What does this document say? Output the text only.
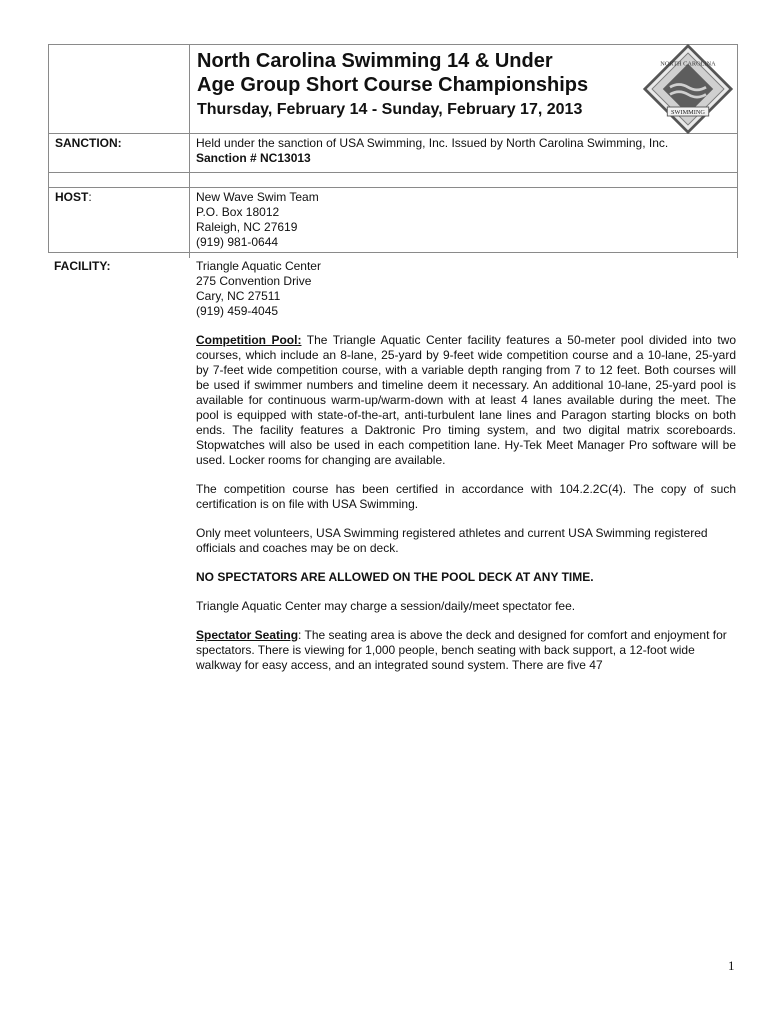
	North Carolina Swimming 14 & Under
Age Group Short Course Championships
Thursday, February 14 - Sunday, February 17, 2013

SANCTION:	Held under the sanction of USA Swimming, Inc. Issued by North Carolina Swimming, Inc.
Sanction # NC13013

HOST:	New Wave Swim Team
P.O. Box 18012
Raleigh, NC 27619
(919) 981-0644
NORTH CAROLINA
SWIMMING
FACILITY:	Triangle Aquatic Center
275 Convention Drive
Cary, NC 27511
(919) 459-4045

Competition Pool: The Triangle Aquatic Center facility features a 50-meter pool divided into two courses, which include an 8-lane, 25-yard by 9-feet wide competition course and a 10-lane, 25-yard by 7-feet wide competition course, with a variable depth ranging from 7 to 12 feet. Both courses will be used if swimmer numbers and timeline deem it necessary. An additional 10-lane, 25-yard pool is available for continuous warm-up/warm-down with at least 4 lanes available during the meet. The pool is equipped with state-of-the-art, anti-turbulent lane lines and Paragon starting blocks on both ends. The facility features a Daktronic Pro timing system, and two digital matrix scoreboards. Stopwatches will also be used in each competition lane. Hy-Tek Meet Manager Pro software will be used. Locker rooms for changing are available.

The competition course has been certified in accordance with 104.2.2C(4). The copy of such certification is on file with USA Swimming.

Only meet volunteers, USA Swimming registered athletes and current USA Swimming registered officials and coaches may be on deck.

NO SPECTATORS ARE ALLOWED ON THE POOL DECK AT ANY TIME.

Triangle Aquatic Center may charge a session/daily/meet spectator fee.

Spectator Seating: The seating area is above the deck and designed for comfort and enjoyment for spectators. There is viewing for 1,000 people, bench seating with back support, a 12-foot wide walkway for easy access, and an integrated sound system. There are five 47

1
